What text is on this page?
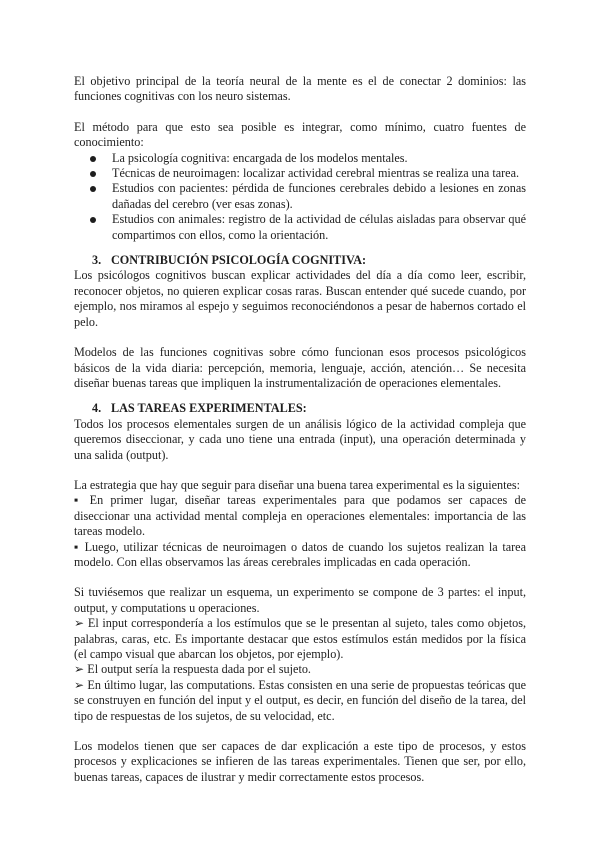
El objetivo principal de la teoría neural de la mente es el de conectar 2 dominios: las funciones cognitivas con los neuro sistemas.

El método para que esto sea posible es integrar, como mínimo, cuatro fuentes de conocimiento:

La psicología cognitiva: encargada de los modelos mentales.
Técnicas de neuroimagen: localizar actividad cerebral mientras se realiza una tarea.
Estudios con pacientes: pérdida de funciones cerebrales debido a lesiones en zonas dañadas del cerebro (ver esas zonas).
Estudios con animales: registro de la actividad de células aisladas para observar qué compartimos con ellos, como la orientación.
3. CONTRIBUCIÓN PSICOLOGÍA COGNITIVA:

Los psicólogos cognitivos buscan explicar actividades del día a día como leer, escribir, reconocer objetos, no quieren explicar cosas raras. Buscan entender qué sucede cuando, por ejemplo, nos miramos al espejo y seguimos reconociéndonos a pesar de habernos cortado el pelo.

Modelos de las funciones cognitivas sobre cómo funcionan esos procesos psicológicos básicos de la vida diaria: percepción, memoria, lenguaje, acción, atención… Se necesita diseñar buenas tareas que impliquen la instrumentalización de operaciones elementales.

4. LAS TAREAS EXPERIMENTALES:

Todos los procesos elementales surgen de un análisis lógico de la actividad compleja que queremos diseccionar, y cada uno tiene una entrada (input), una operación determinada y una salida (output).

La estrategia que hay que seguir para diseñar una buena tarea experimental es la siguientes:

▪ En primer lugar, diseñar tareas experimentales para que podamos ser capaces de diseccionar una actividad mental compleja en operaciones elementales: importancia de las tareas modelo.

▪ Luego, utilizar técnicas de neuroimagen o datos de cuando los sujetos realizan la tarea modelo. Con ellas observamos las áreas cerebrales implicadas en cada operación.

Si tuviésemos que realizar un esquema, un experimento se compone de 3 partes: el input, output, y computations u operaciones.

➢ El input correspondería a los estímulos que se le presentan al sujeto, tales como objetos, palabras, caras, etc. Es importante destacar que estos estímulos están medidos por la física (el campo visual que abarcan los objetos, por ejemplo).

➢ El output sería la respuesta dada por el sujeto.

➢ En último lugar, las computations. Estas consisten en una serie de propuestas teóricas que se construyen en función del input y el output, es decir, en función del diseño de la tarea, del tipo de respuestas de los sujetos, de su velocidad, etc.

Los modelos tienen que ser capaces de dar explicación a este tipo de procesos, y estos procesos y explicaciones se infieren de las tareas experimentales. Tienen que ser, por ello, buenas tareas, capaces de ilustrar y medir correctamente estos procesos.
